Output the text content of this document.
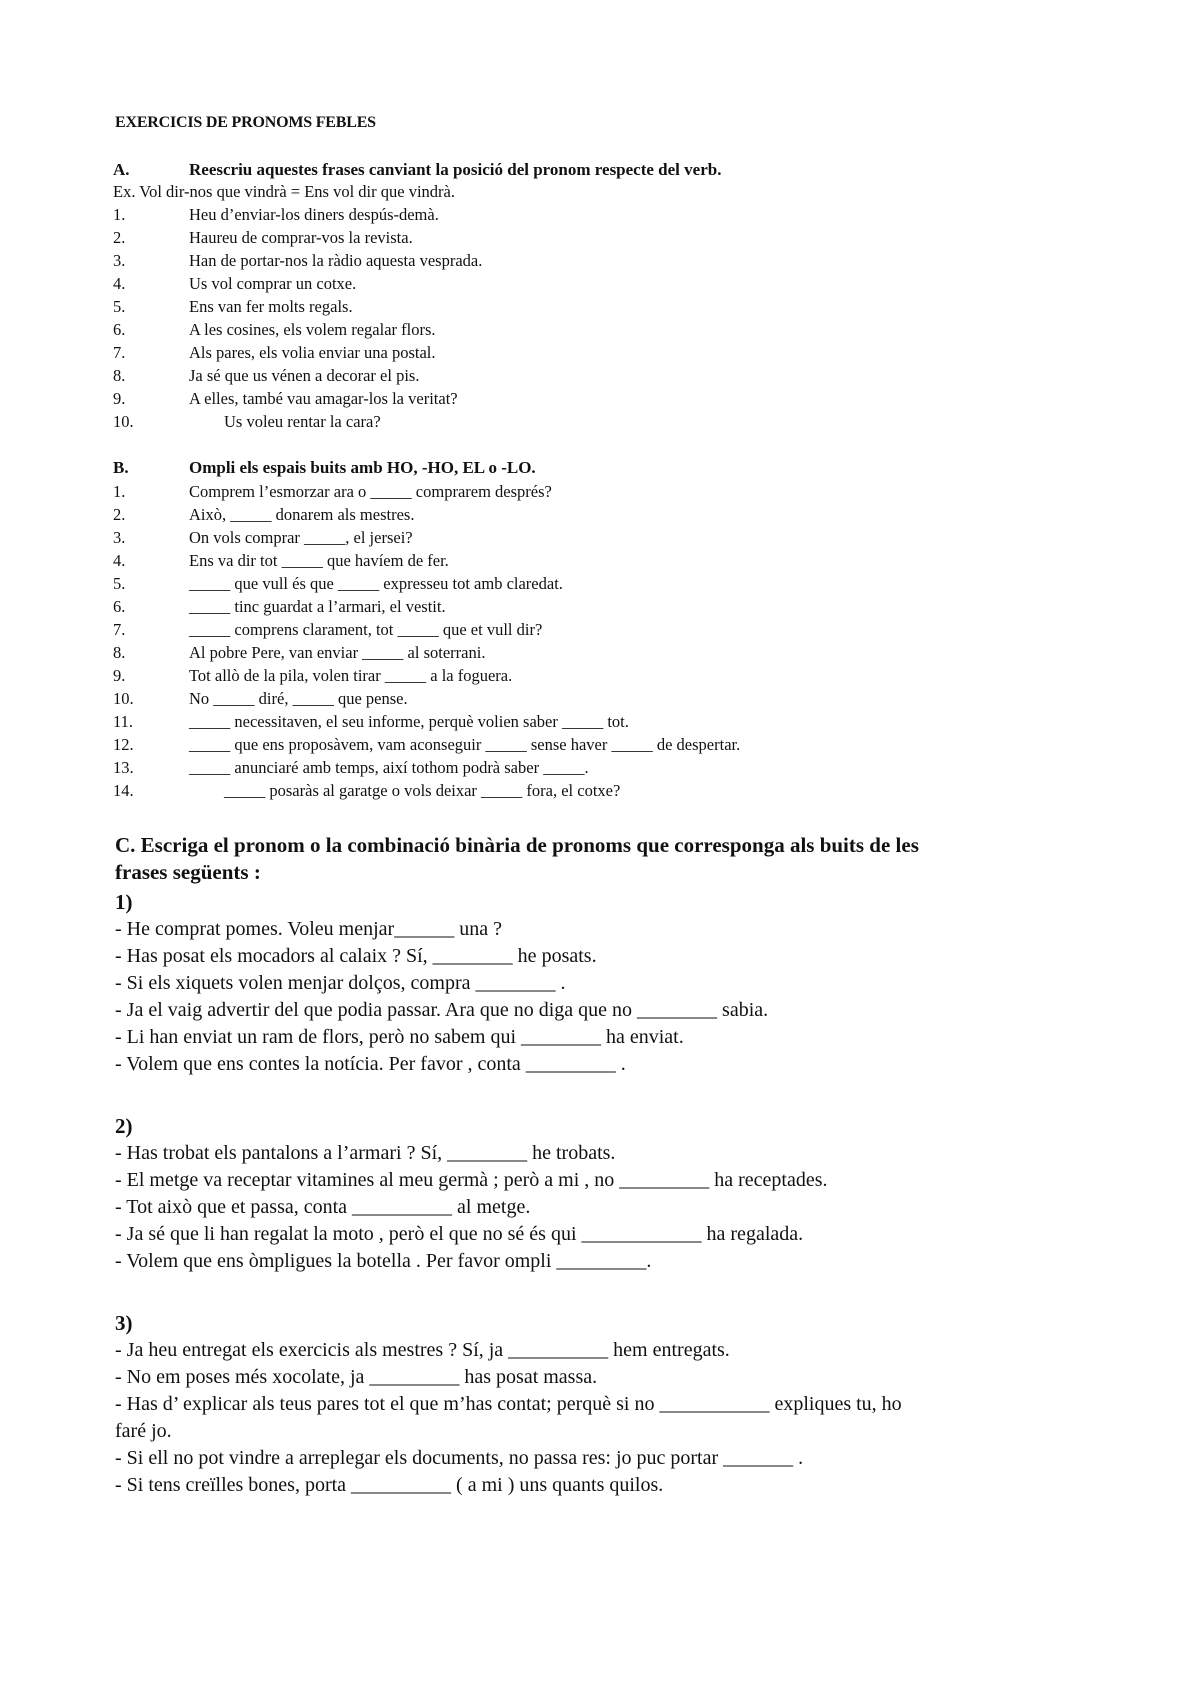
EXERCICIS DE PRONOMS FEBLES
A.	Reescriu aquestes frases canviant la posició del pronom respecte del verb.
Ex. Vol dir-nos que vindrà = Ens vol dir que vindrà.
1.	Heu d’enviar-los diners despús-demà.
2.	Haureu de comprar-vos la revista.
3.	Han de portar-nos la ràdio aquesta vesprada.
4.	Us vol comprar un cotxe.
5.	Ens van fer molts regals.
6.	A les cosines, els volem regalar flors.
7.	Als pares, els volia enviar una postal.
8.	Ja sé que us vénen a decorar el pis.
9.	A elles, també vau amagar-los la veritat?
10.	Us voleu rentar la cara?
B.	Ompli els espais buits amb HO, -HO, EL o -LO.
1.	Comprem l’esmorzar ara o _____ comprarem després?
2.	Això, _____ donarem als mestres.
3.	On vols comprar _____, el jersei?
4.	Ens va dir tot _____ que havíem de fer.
5.	_____ que vull és que _____ expresseu tot amb claredat.
6.	_____ tinc guardat a l’armari, el vestit.
7.	_____ comprens clarament, tot _____ que et vull dir?
8.	Al pobre Pere, van enviar _____ al soterrani.
9.	Tot allò de la pila, volen tirar _____ a la foguera.
10.	No _____ diré, _____ que pense.
11.	_____ necessitaven, el seu informe, perquè volien saber _____ tot.
12.	_____ que ens proposàvem, vam aconseguir _____ sense haver _____ de despertar.
13.	_____ anunciaré amb temps, així tothom podrà saber _____.
14.	_____ posaràs al garatge o vols deixar _____ fora, el cotxe?
C. Escriga el pronom o la combinació binària de pronoms que corresponga als buits de les
frases següents :
1)
- He comprat pomes. Voleu menjar______ una ?
- Has posat els mocadors al calaix ? Sí, ________ he posats.
- Si els xiquets volen menjar dolços, compra ________ .
- Ja el vaig advertir del que podia passar. Ara que no diga que no ________ sabia.
- Li han enviat un ram de flors, però no sabem qui ________ ha enviat.
- Volem que ens contes la notícia. Per favor , conta _________ .
2)
- Has trobat els pantalons a l’armari ? Sí, ________ he trobats.
- El metge va receptar vitamines al meu germà ; però a mi , no _________ ha receptades.
- Tot això que et passa, conta __________ al metge.
- Ja sé que li han regalat la moto , però el que no sé és qui ____________ ha regalada.
- Volem que ens òmpligues la botella . Per favor ompli _________.
3)
- Ja heu entregat els exercicis als mestres ? Sí, ja __________ hem entregats.
- No em poses més xocolate, ja _________ has posat massa.
- Has d’ explicar als teus pares tot el que m’has contat; perquè si no ___________ expliques tu, ho
faré jo.
- Si ell no pot vindre a arreplegar els documents, no passa res: jo puc portar _______ .
- Si tens creïlles bones, porta __________ ( a mi ) uns quants quilos.
